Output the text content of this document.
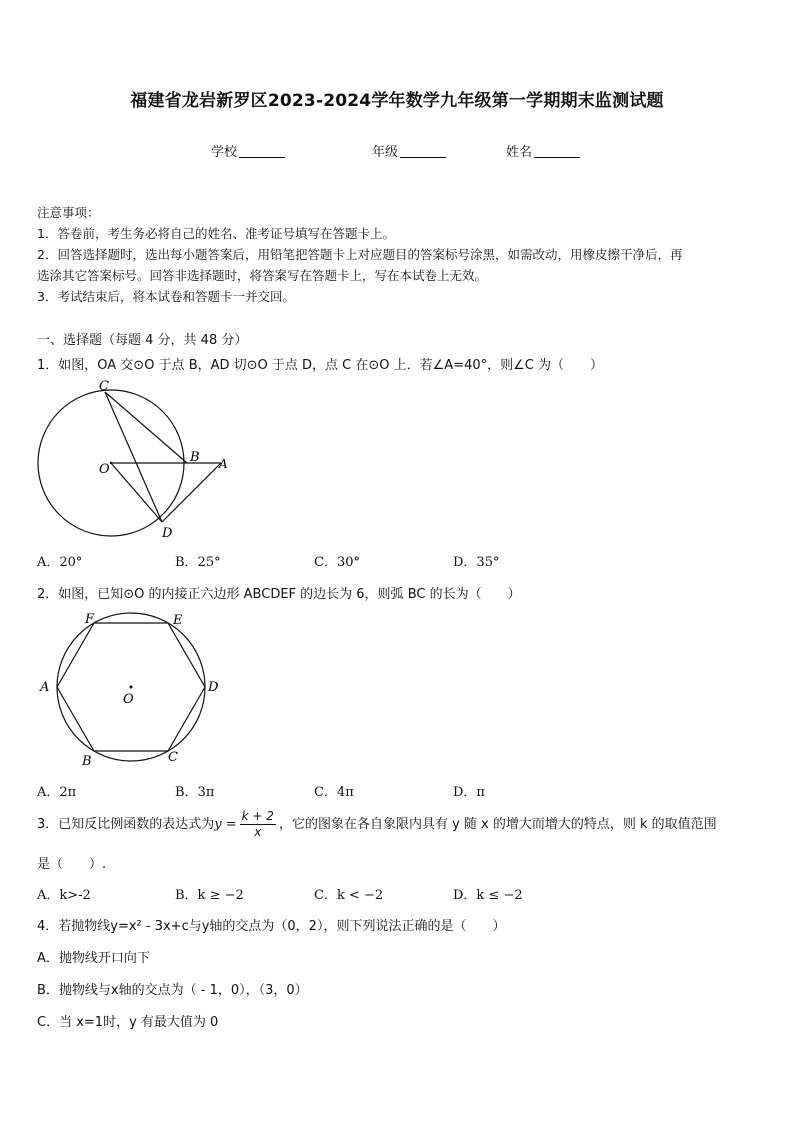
福建省龙岩新罗区2023-2024学年数学九年级第一学期期末监测试题
学校	年级	姓名
注意事项：
1．答卷前，考生务必将自己的姓名、准考证号填写在答题卡上。
2．回答选择题时，选出每小题答案后，用铅笔把答题卡上对应题目的答案标号涂黑，如需改动，用橡皮擦干净后，再
选涂其它答案标号。回答非选择题时，将答案写在答题卡上，写在本试卷上无效。
3．考试结束后，将本试卷和答题卡一并交回。
一、选择题（每题 4 分，共 48 分）
1．如图，OA 交⊙O 于点 B，AD 切⊙O 于点 D，点 C 在⊙O 上．若∠A=40°，则∠C 为（　　）
C
O
B A
D
A．20°	B．25°	C．30°	D．35°
2．如图，已知⊙O 的内接正六边形 ABCDEF 的边长为 6，则弧 BC 的长为（　　）
F	E
A
O
D
B	C
A．2π	B．3π	C．4π	D．π
3．已知反比例函数的表达式为$y = \frac{k + 2}{x}$ ，它的图象在各自象限内具有 y 随 x 的增大而增大的特点，则 k 的取值范围
是（　　）.
A．k>-2	B．k ≥ −2	C．k < −2	D．k ≤ −2
4．若抛物线y=x² - 3x+c与y轴的交点为（0，2），则下列说法正确的是（　　）
A．抛物线开口向下
B．抛物线与x轴的交点为（ - 1，0），（3，0）
C．当 x=1时，y 有最大值为 0
